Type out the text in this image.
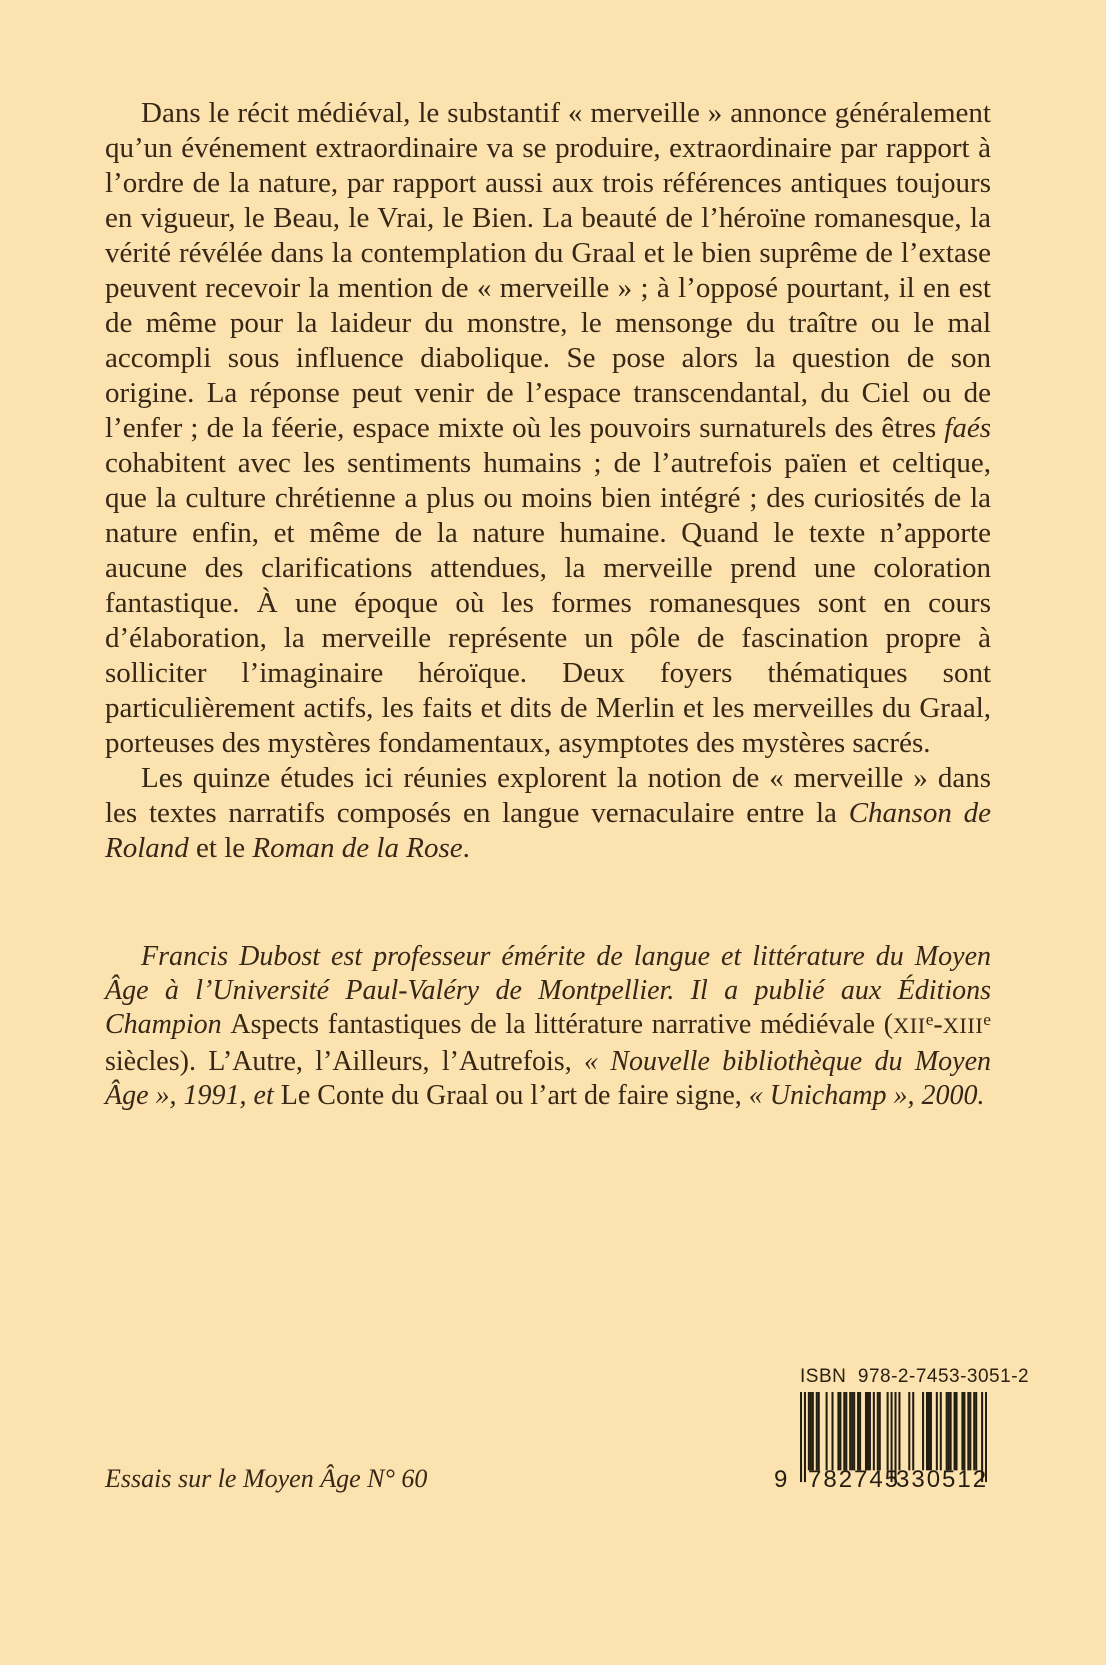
Dans le récit médiéval, le substantif « merveille » annonce généralement qu’un événement extraordinaire va se produire, extraordinaire par rapport à l’ordre de la nature, par rapport aussi aux trois références antiques toujours en vigueur, le Beau, le Vrai, le Bien. La beauté de l’héroïne romanesque, la vérité révélée dans la contemplation du Graal et le bien suprême de l’extase peuvent recevoir la mention de « merveille » ; à l’opposé pourtant, il en est de même pour la laideur du monstre, le mensonge du traître ou le mal accompli sous influence diabolique. Se pose alors la question de son origine. La réponse peut venir de l’espace transcendantal, du Ciel ou de l’enfer ; de la féerie, espace mixte où les pouvoirs surnaturels des êtres faés cohabitent avec les sentiments humains ; de l’autrefois païen et celtique, que la culture chrétienne a plus ou moins bien intégré ; des curiosités de la nature enfin, et même de la nature humaine. Quand le texte n’apporte aucune des clarifications attendues, la merveille prend une coloration fantastique. À une époque où les formes romanesques sont en cours d’élaboration, la merveille représente un pôle de fascination propre à solliciter l’imaginaire héroïque. Deux foyers thématiques sont particulièrement actifs, les faits et dits de Merlin et les merveilles du Graal, porteuses des mystères fondamentaux, asymptotes des mystères sacrés.

Les quinze études ici réunies explorent la notion de « merveille » dans les textes narratifs composés en langue vernaculaire entre la Chanson de Roland et le Roman de la Rose.

Francis Dubost est professeur émérite de langue et littérature du Moyen Âge à l’Université Paul-Valéry de Montpellier. Il a publié aux Éditions Champion Aspects fantastiques de la littérature narrative médiévale (XIIe-XIIIe siècles). L’Autre, l’Ailleurs, l’Autrefois, « Nouvelle bibliothèque du Moyen Âge », 1991, et Le Conte du Graal ou l’art de faire signe, « Unichamp », 2000.

ISBN  978-2-7453-3051-2
9 782745
330512
Essais sur le Moyen Âge N° 60
